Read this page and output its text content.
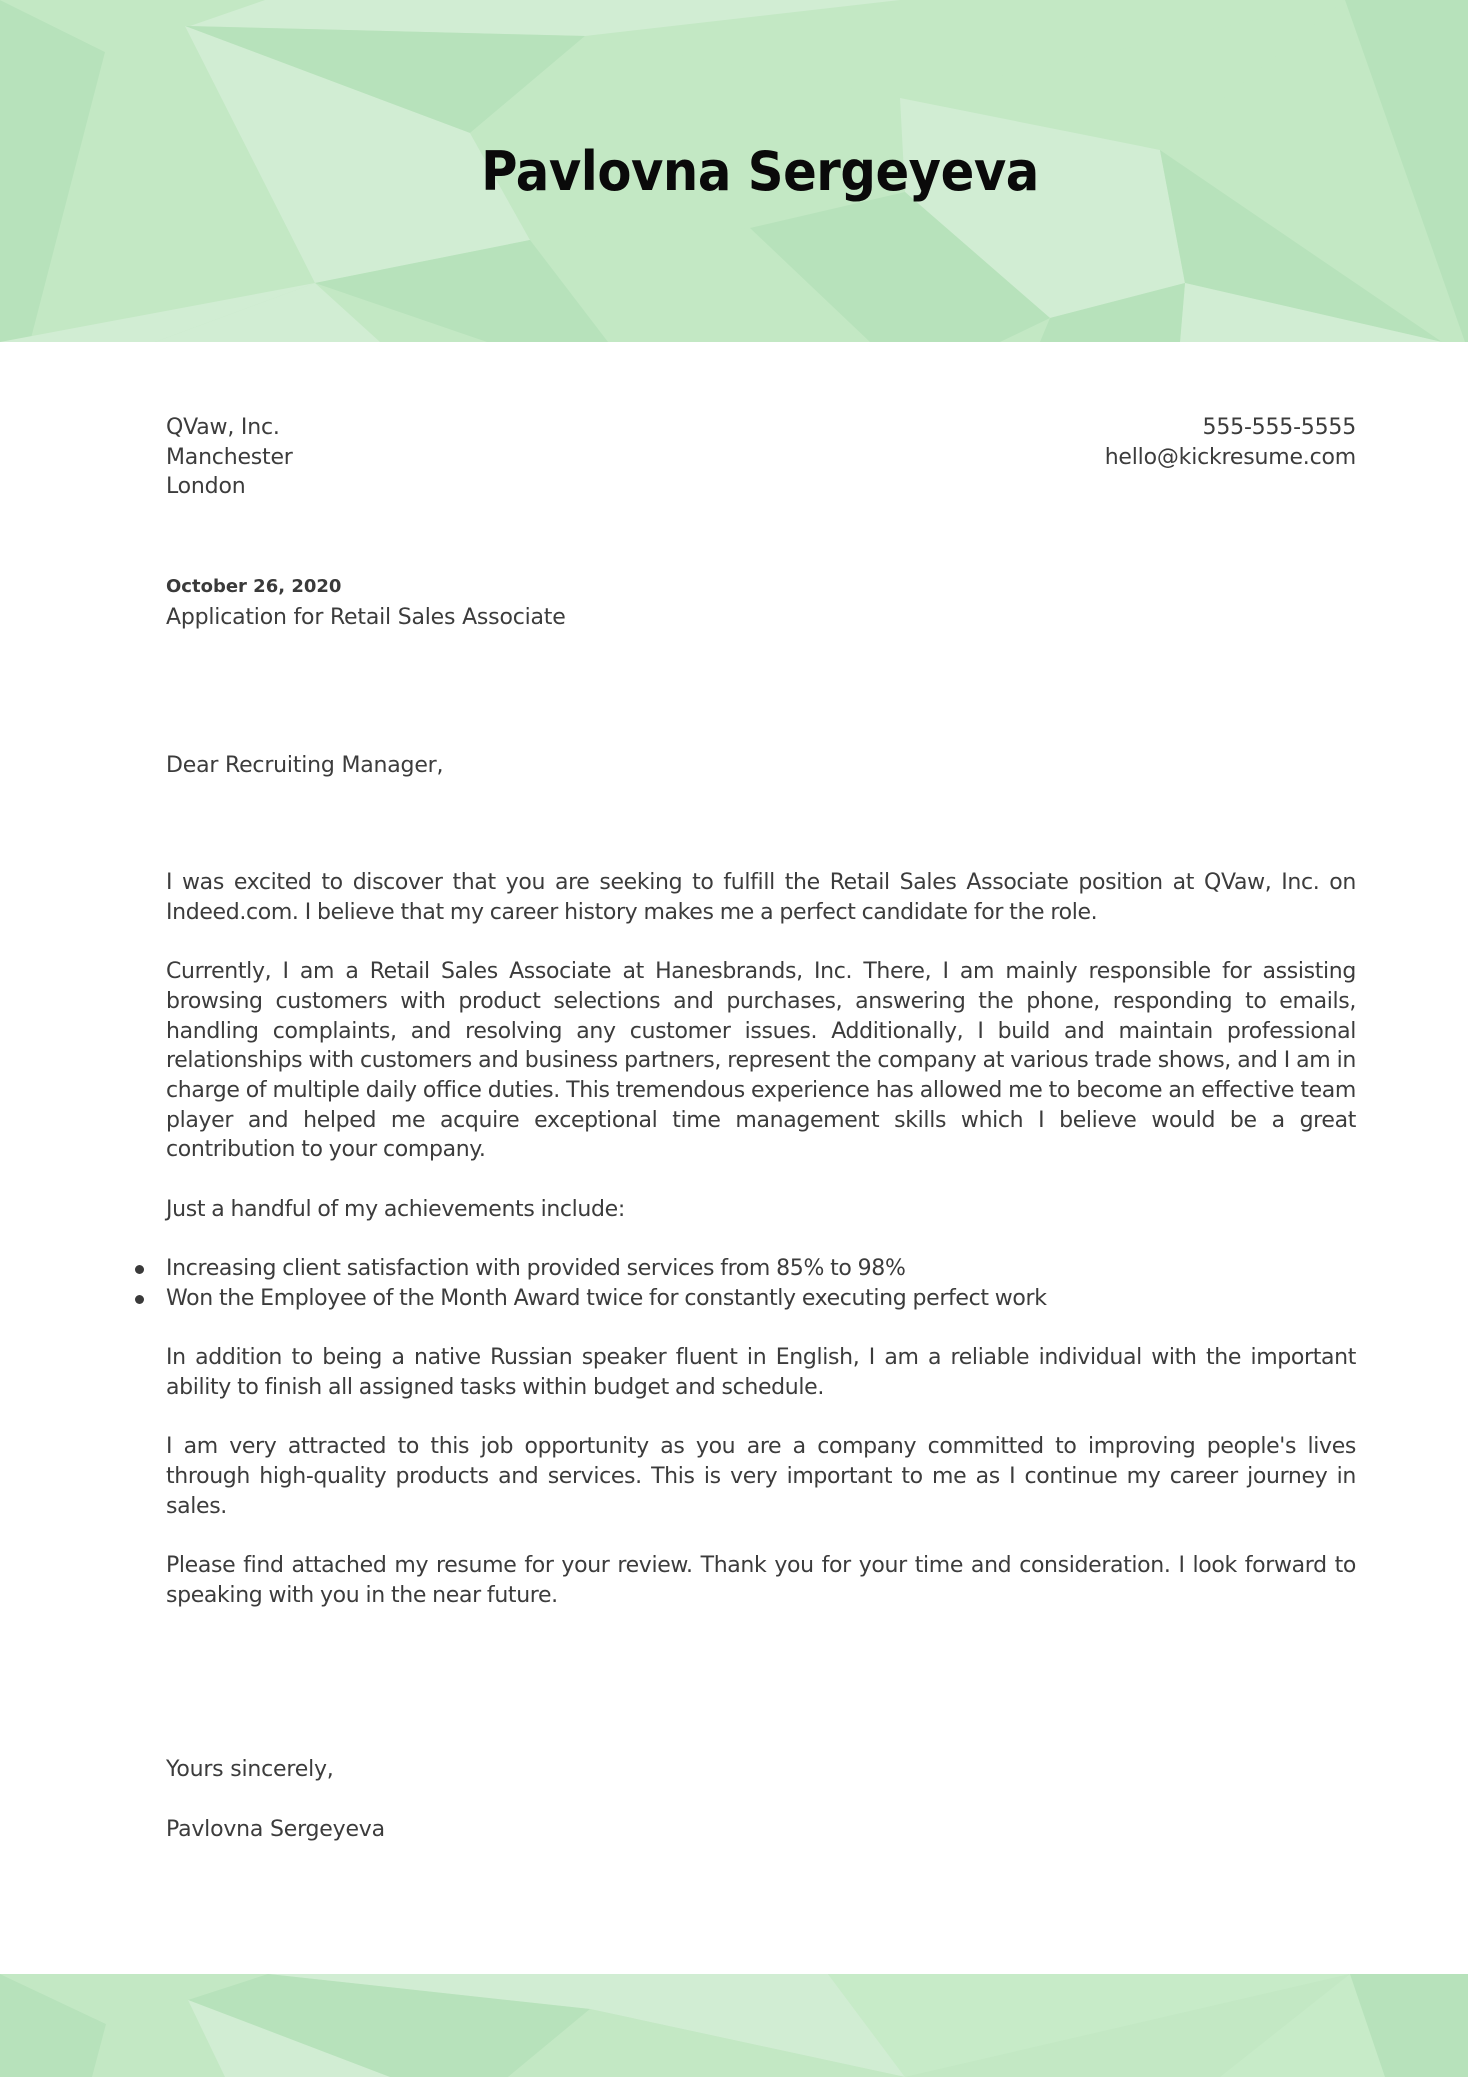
Pavlovna Sergeyeva
QVaw, Inc.
Manchester
London
555-555-5555
hello@kickresume.com
October 26, 2020
Application for Retail Sales Associate
Dear Recruiting Manager,

I was excited to discover that you are seeking to fulfill the Retail Sales Associate position at QVaw, Inc. on Indeed.com. I believe that my career history makes me a perfect candidate for the role.

Currently, I am a Retail Sales Associate at Hanesbrands, Inc. There, I am mainly responsible for assisting browsing customers with product selections and purchases, answering the phone, responding to emails, handling complaints, and resolving any customer issues. Additionally, I build and maintain professional relationships with customers and business partners, represent the company at various trade shows, and I am in charge of multiple daily office duties. This tremendous experience has allowed me to become an effective team player and helped me acquire exceptional time management skills which I believe would be a great contribution to your company.

Just a handful of my achievements include:

Increasing client satisfaction with provided services from 85% to 98%
Won the Employee of the Month Award twice for constantly executing perfect work

In addition to being a native Russian speaker fluent in English, I am a reliable individual with the important ability to finish all assigned tasks within budget and schedule.

I am very attracted to this job opportunity as you are a company committed to improving people's lives through high-quality products and services. This is very important to me as I continue my career journey in sales.

Please find attached my resume for your review. Thank you for your time and consideration. I look forward to speaking with you in the near future.

Yours sincerely,
Pavlovna Sergeyeva
